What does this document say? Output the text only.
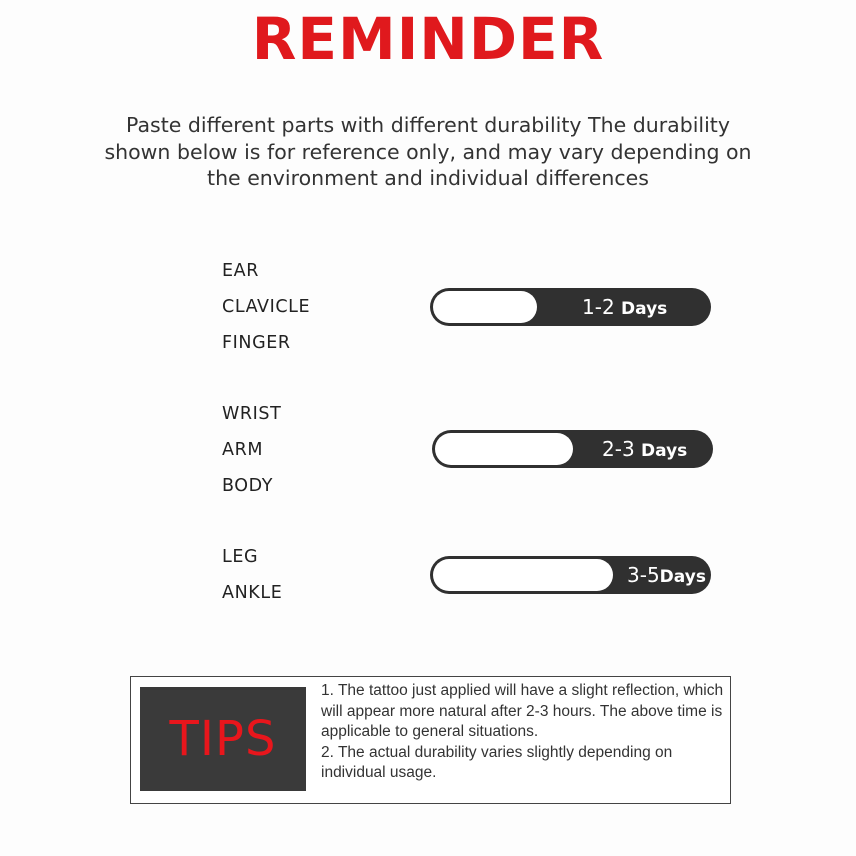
REMINDER
Paste different parts with different durability The durability shown below is for reference only, and may vary depending on the environment and individual differences
EAR
CLAVICLE
FINGER
1-2 Days
WRIST
ARM
BODY
2-3 Days
LEG
ANKLE
3-5Days
TIPS

1. The tattoo just applied will have a slight reflection, which will appear more natural after 2-3 hours. The above time is applicable to general situations.

2. The actual durability varies slightly depending on individual usage.
